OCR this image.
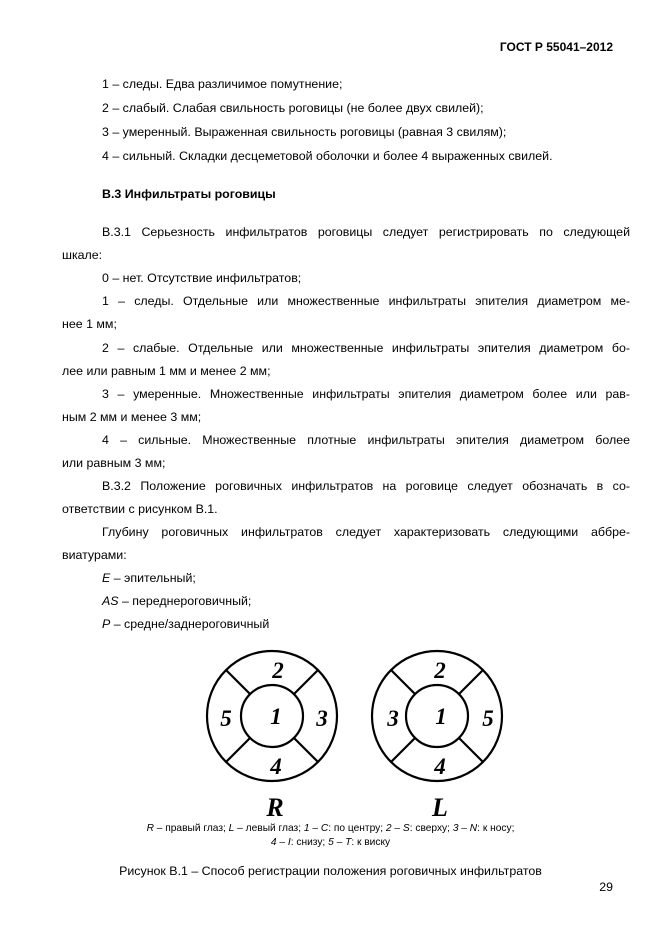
ГОСТ Р 55041–2012
1 – следы. Едва различимое помутнение;
2 – слабый. Слабая свильность роговицы (не более двух свилей);
3 – умеренный. Выраженная свильность роговицы (равная 3 свилям);
4 – сильный. Складки десцеметовой оболочки и более 4 выраженных свилей.
В.3 Инфильтраты роговицы
В.3.1 Серьезность инфильтратов роговицы следует регистрировать по следующей
шкале:
0 – нет. Отсутствие инфильтратов;
1 – следы. Отдельные или множественные инфильтраты эпителия диаметром ме-
нее 1 мм;
2 – слабые. Отдельные или множественные инфильтраты эпителия диаметром бо-
лее или равным 1 мм и менее 2 мм;
3 – умеренные. Множественные инфильтраты эпителия диаметром более или рав-
ным 2 мм и менее 3 мм;
4 – сильные. Множественные плотные инфильтраты эпителия диаметром более
или равным 3 мм;
В.3.2 Положение роговичных инфильтратов на роговице следует обозначать в со-
ответствии с рисунком В.1.
Глубину роговичных инфильтратов следует характеризовать следующими аббре-
виатурами:
E – эпительный;
AS – переднероговичный;
P – средне/заднероговичный
2
5 1 3
4
R
2
3 1 5
4
L
R – правый глаз; L – левый глаз; 1 – C: по центру; 2 – S: сверху; 3 – N: к носу;
4 – I: снизу; 5 – T: к виску
Рисунок В.1 – Способ регистрации положения роговичных инфильтратов
29
